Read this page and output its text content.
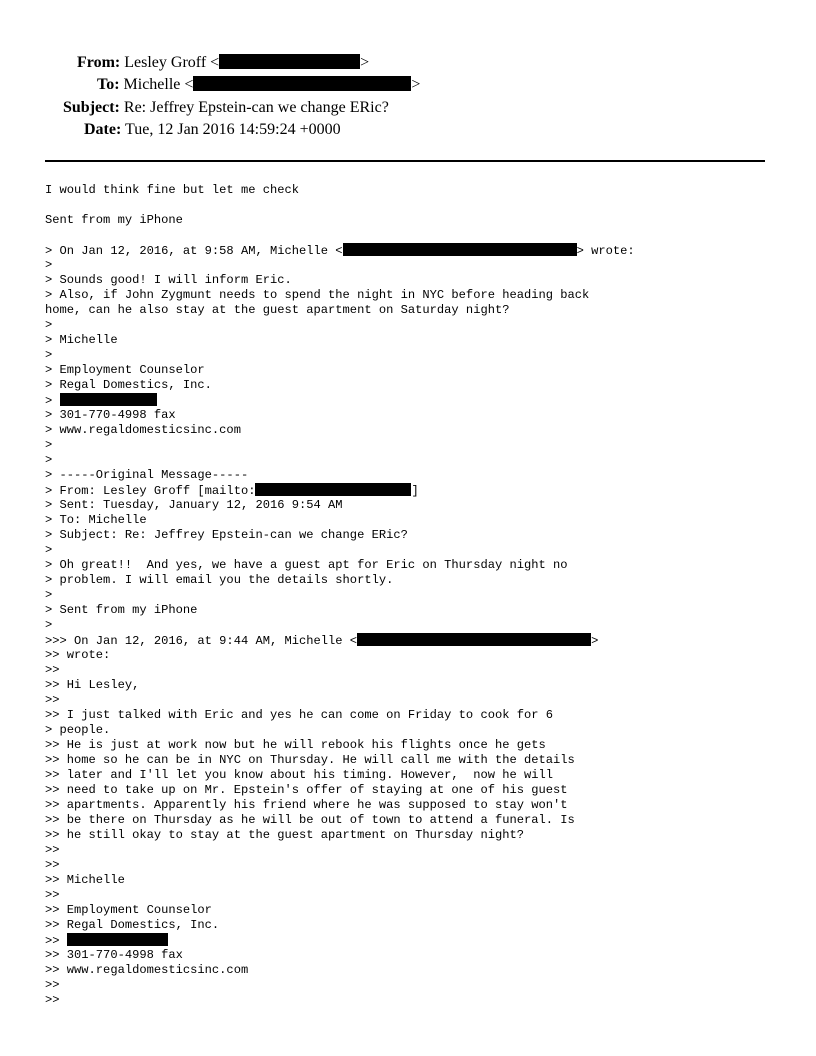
From: Lesley Groff <	>
To: Michelle <	>
Subject: Re: Jeffrey Epstein-can we change ERic?
Date: Tue, 12 Jan 2016 14:59:24 +0000
I would think fine but let me check
Sent from my iPhone
> On Jan 12, 2016, at 9:58 AM, Michelle <	> wrote:
>
> Sounds good! I will inform Eric.
> Also, if John Zygmunt needs to spend the night in NYC before heading back
home, can he also stay at the guest apartment on Saturday night?
>
> Michelle
>
> Employment Counselor
> Regal Domestics, Inc.
>
> 301-770-4998 fax
> www.regaldomesticsinc.com
>
>
> -----Original Message-----
> From: Lesley Groff [mailto:	]
> Sent: Tuesday, January 12, 2016 9:54 AM
> To: Michelle
> Subject: Re: Jeffrey Epstein-can we change ERic?
>
> Oh great!!  And yes, we have a guest apt for Eric on Thursday night no
> problem. I will email you the details shortly.
>
> Sent from my iPhone
>
>>> On Jan 12, 2016, at 9:44 AM, Michelle <	>
>> wrote:
>>
>> Hi Lesley,
>>
>> I just talked with Eric and yes he can come on Friday to cook for 6
> people.
>> He is just at work now but he will rebook his flights once he gets
>> home so he can be in NYC on Thursday. He will call me with the details
>> later and I'll let you know about his timing. However,  now he will
>> need to take up on Mr. Epstein's offer of staying at one of his guest
>> apartments. Apparently his friend where he was supposed to stay won't
>> be there on Thursday as he will be out of town to attend a funeral. Is
>> he still okay to stay at the guest apartment on Thursday night?
>>
>>
>> Michelle
>>
>> Employment Counselor
>> Regal Domestics, Inc.
>>
>> 301-770-4998 fax
>> www.regaldomesticsinc.com
>>
>>
